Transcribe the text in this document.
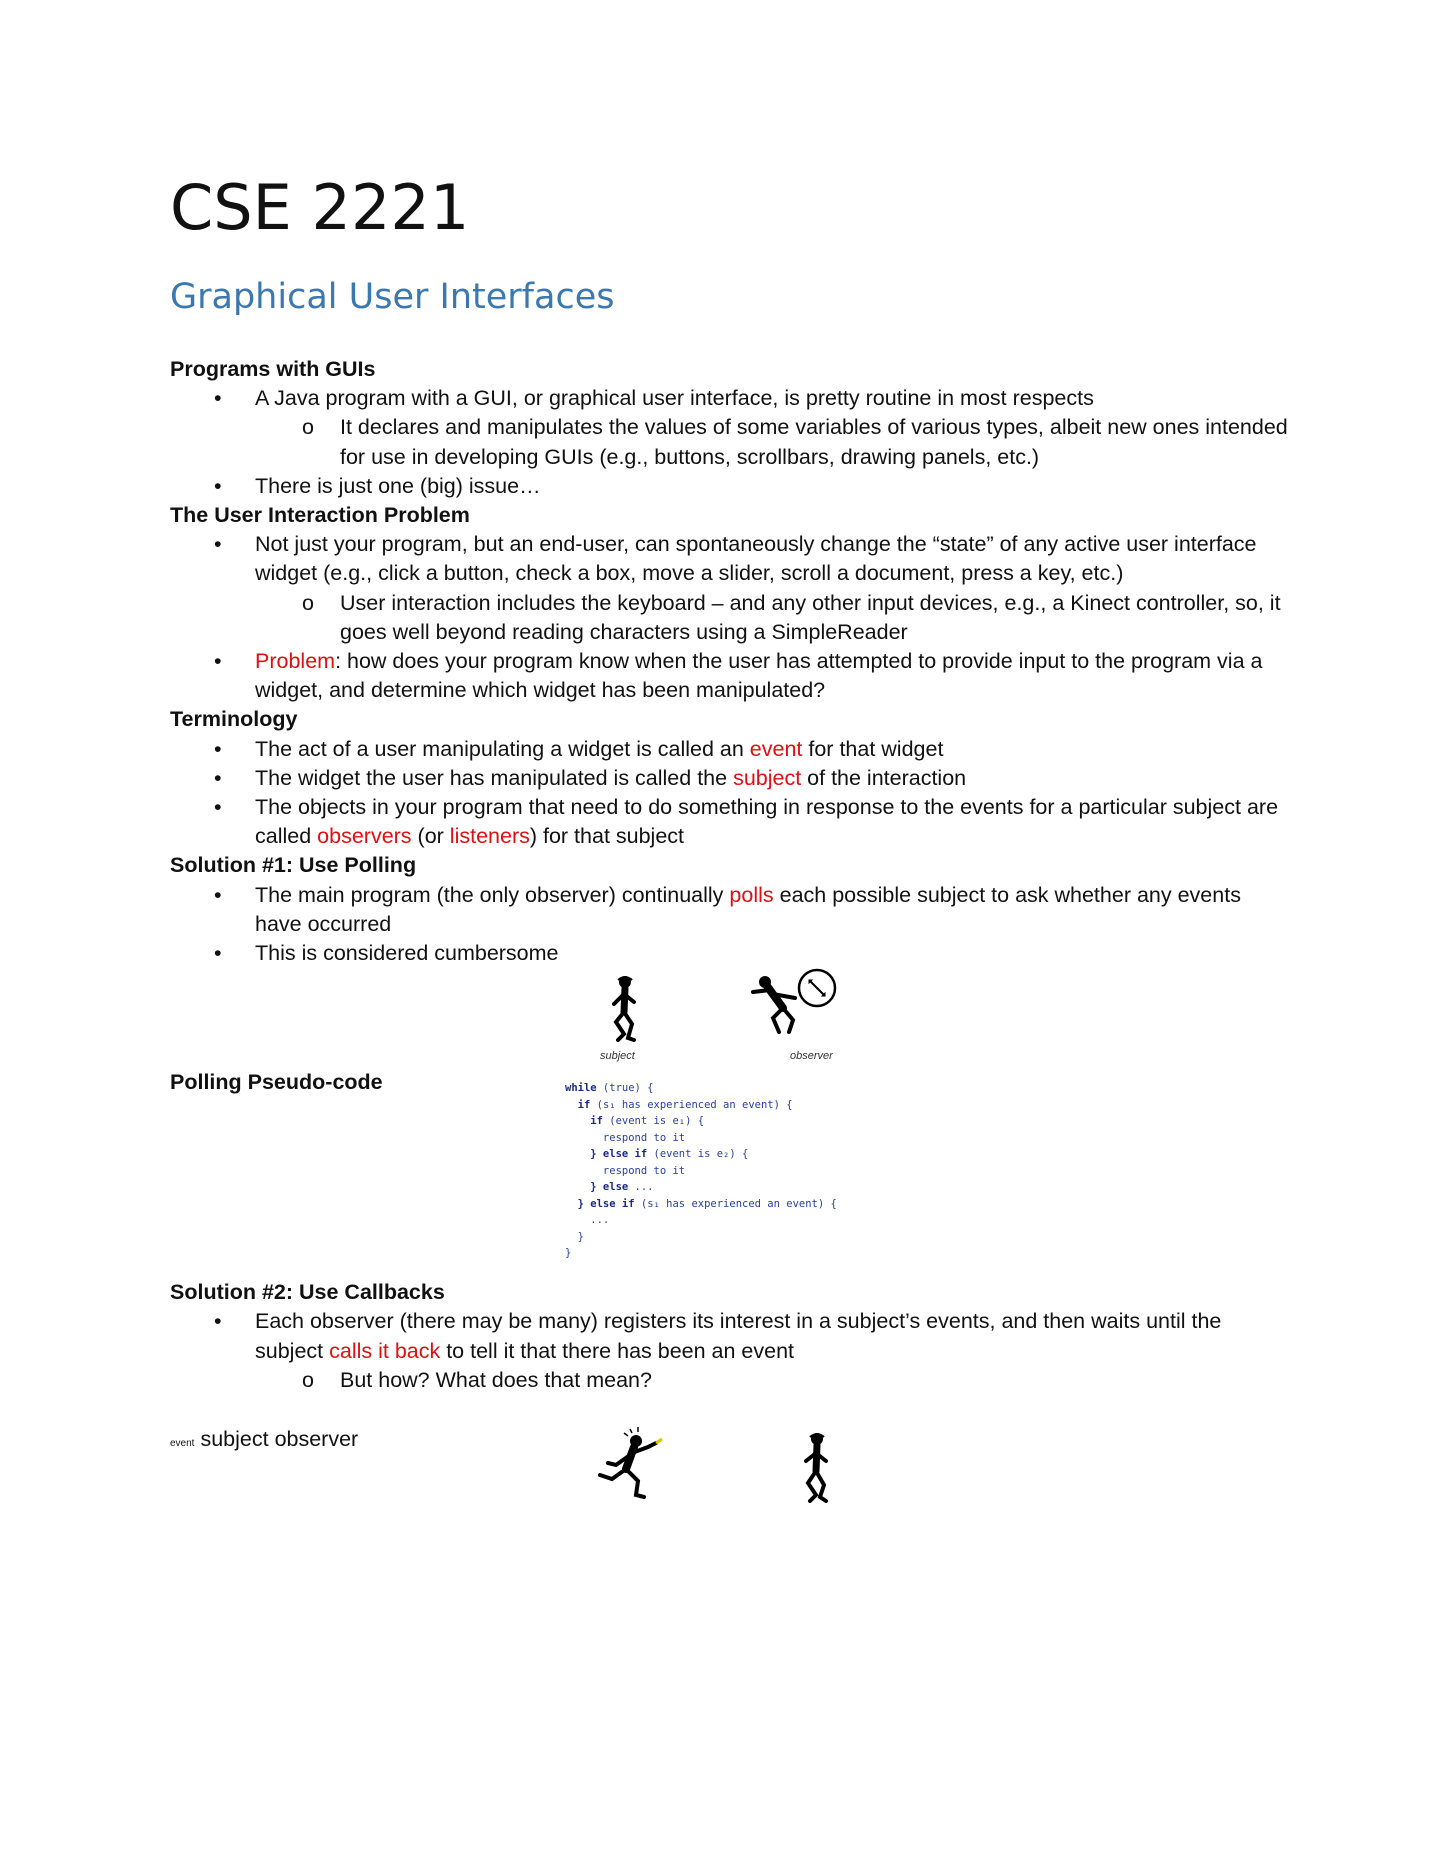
CSE 2221
Graphical User Interfaces

Programs with GUIs

• A Java program with a GUI, or graphical user interface, is pretty routine in most respects
o It declares and manipulates the values of some variables of various types, albeit new ones intended for use in developing GUIs (e.g., buttons, scrollbars, drawing panels, etc.)
• There is just one (big) issue…

The User Interaction Problem

• Not just your program, but an end-user, can spontaneously change the “state” of any active user interface widget (e.g., click a button, check a box, move a slider, scroll a document, press a key, etc.)
o User interaction includes the keyboard – and any other input devices, e.g., a Kinect controller, so, it goes well beyond reading characters using a SimpleReader
• Problem: how does your program know when the user has attempted to provide input to the program via a widget, and determine which widget has been manipulated?

Terminology

• The act of a user manipulating a widget is called an event for that widget
• The widget the user has manipulated is called the subject of the interaction
• The objects in your program that need to do something in response to the events for a particular subject are called observers (or listeners) for that subject

Solution #1: Use Polling

• The main program (the only observer) continually polls each possible subject to ask whether any events have occurred
• This is considered cumbersome
subject	observer
Polling Pseudo-code	while (true) {
if (s₁ has experienced an event) {
if (event is e₁) {
respond to it
} else if (event is e₂) {
respond to it
} else ...
} else if (s₁ has experienced an event) {
...
}
}

Solution #2: Use Callbacks

• Each observer (there may be many) registers its interest in a subject’s events, and then waits until the subject calls it back to tell it that there has been an event
o But how? What does that mean?
event subject observer
